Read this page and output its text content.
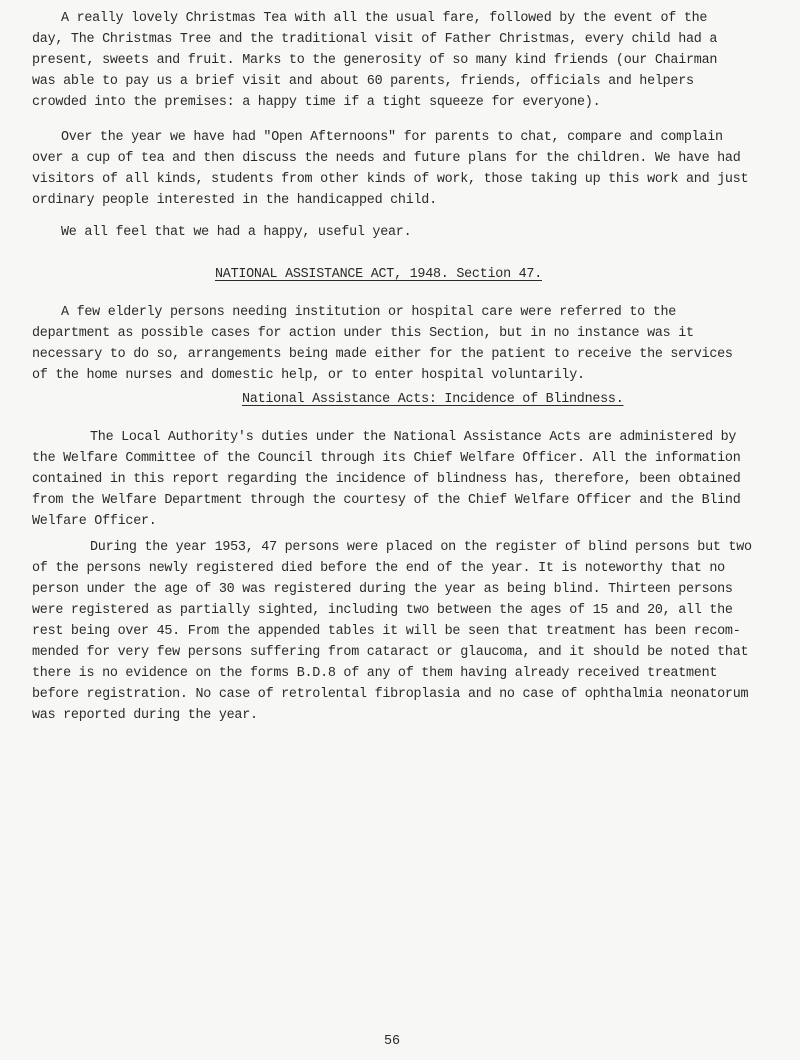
A really lovely Christmas Tea with all the usual fare, followed by the event of the
day, The Christmas Tree and the traditional visit of Father Christmas, every child had a
present, sweets and fruit. Marks to the generosity of so many kind friends (our Chairman
was able to pay us a brief visit and about 60 parents, friends, officials and helpers
crowded into the premises: a happy time if a tight squeeze for everyone).

Over the year we have had "Open Afternoons" for parents to chat, compare and complain
over a cup of tea and then discuss the needs and future plans for the children. We have had
visitors of all kinds, students from other kinds of work, those taking up this work and just
ordinary people interested in the handicapped child.

We all feel that we had a happy, useful year.

NATIONAL ASSISTANCE ACT, 1948. Section 47.

A few elderly persons needing institution or hospital care were referred to the
department as possible cases for action under this Section, but in no instance was it
necessary to do so, arrangements being made either for the patient to receive the services
of the home nurses and domestic help, or to enter hospital voluntarily.

National Assistance Acts: Incidence of Blindness.

The Local Authority's duties under the National Assistance Acts are administered by
the Welfare Committee of the Council through its Chief Welfare Officer. All the information
contained in this report regarding the incidence of blindness has, therefore, been obtained
from the Welfare Department through the courtesy of the Chief Welfare Officer and the Blind
Welfare Officer.

During the year 1953, 47 persons were placed on the register of blind persons but two
of the persons newly registered died before the end of the year. It is noteworthy that no
person under the age of 30 was registered during the year as being blind. Thirteen persons
were registered as partially sighted, including two between the ages of 15 and 20, all the
rest being over 45. From the appended tables it will be seen that treatment has been recom-
mended for very few persons suffering from cataract or glaucoma, and it should be noted that
there is no evidence on the forms B.D.8 of any of them having already received treatment
before registration. No case of retrolental fibroplasia and no case of ophthalmia neonatorum
was reported during the year.

56
